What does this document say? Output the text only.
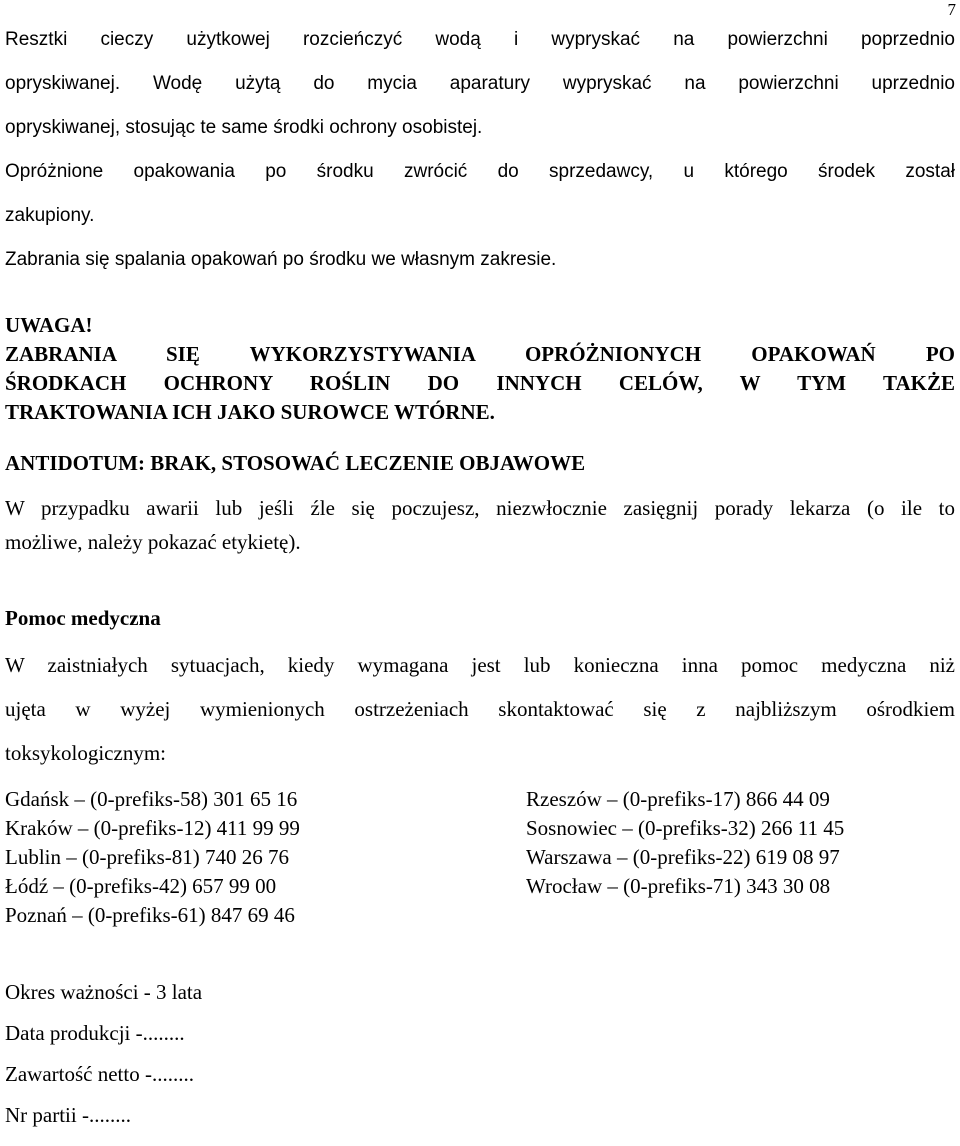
7

Resztki cieczy użytkowej rozcieńczyć wodą i wypryskać na powierzchni poprzednio

opryskiwanej. Wodę użytą do mycia aparatury wypryskać na powierzchni uprzednio

opryskiwanej, stosując te same środki ochrony osobistej.

Opróżnione opakowania po środku zwrócić do sprzedawcy, u którego środek został

zakupiony.

Zabrania się spalania opakowań po środku we własnym zakresie.

UWAGA!

ZABRANIA SIĘ WYKORZYSTYWANIA OPRÓŻNIONYCH OPAKOWAŃ PO

ŚRODKACH OCHRONY ROŚLIN DO INNYCH CELÓW, W TYM TAKŻE

TRAKTOWANIA ICH JAKO SUROWCE WTÓRNE.

ANTIDOTUM: BRAK, STOSOWAĆ LECZENIE OBJAWOWE

W przypadku awarii lub jeśli źle się poczujesz, niezwłocznie zasięgnij porady lekarza (o ile to

możliwe, należy pokazać etykietę).

Pomoc medyczna

W zaistniałych sytuacjach, kiedy wymagana jest lub konieczna inna pomoc medyczna niż

ujęta w wyżej wymienionych ostrzeżeniach skontaktować się z najbliższym ośrodkiem

toksykologicznym:

Gdańsk – (0-prefiks-58) 301 65 16
Kraków – (0-prefiks-12) 411 99 99
Lublin – (0-prefiks-81) 740 26 76
Łódź – (0-prefiks-42) 657 99 00
Poznań – (0-prefiks-61) 847 69 46
Rzeszów – (0-prefiks-17) 866 44 09
Sosnowiec – (0-prefiks-32) 266 11 45
Warszawa – (0-prefiks-22) 619 08 97
Wrocław – (0-prefiks-71) 343 30 08

Okres ważności - 3 lata

Data produkcji -........

Zawartość netto -........

Nr partii -........
